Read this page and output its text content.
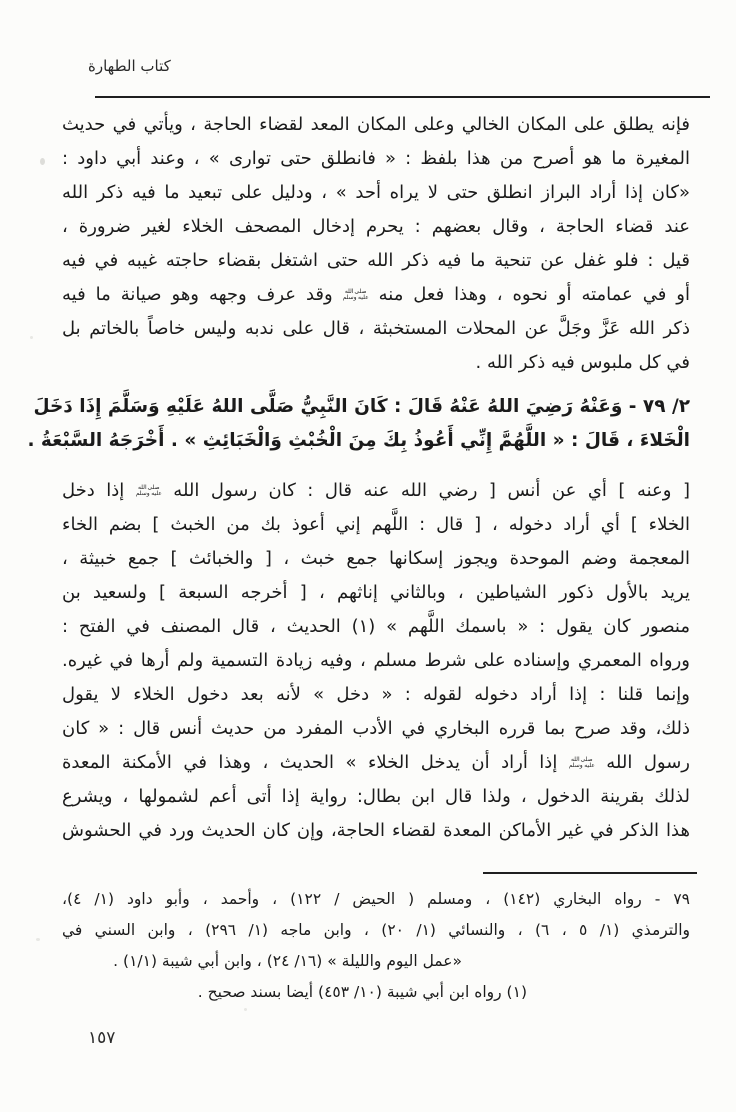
كتاب الطهارة
فإنه يطلق على المكان الخالي وعلى المكان المعد لقضاء الحاجة ، ويأتي في حديث
المغيرة ما هو أصرح من هذا بلفظ : « فانطلق حتى توارى » ، وعند أبي داود :
«كان إذا أراد البراز انطلق حتى لا يراه أحد » ، ودليل على تبعيد ما فيه ذكر الله
عند قضاء الحاجة ، وقال بعضهم : يحرم إدخال المصحف الخلاء لغير ضرورة ،
قيل : فلو غفل عن تنحية ما فيه ذكر الله حتى اشتغل بقضاء حاجته غيبه في فيه
أو في عمامته أو نحوه ، وهذا فعل منه صلى الله عليه وسلم وقد عرف وجهه وهو صيانة ما فيه
ذكر الله عَزَّ وجَلَّ عن المحلات المستخبثة ، قال على ندبه وليس خاصاً بالخاتم بل
في كل ملبوس فيه ذكر الله .
٢/ ٧٩ - وَعَنْهُ رَضِيَ اللهُ عَنْهُ قَالَ : كَانَ النَّبِيُّ صَلَّى اللهُ عَلَيْهِ وَسَلَّمَ إِذَا دَخَلَ
الْخَلاءَ ، قَالَ : « اللَّهُمَّ إِنِّي أَعُوذُ بِكَ مِنَ الْخُبْثِ وَالْخَبَائِثِ » . أَخْرَجَهُ السَّبْعَةُ .
[ وعنه ] أي عن أنس [ رضي الله عنه قال : كان رسول الله صلى الله عليه وسلم إذا دخل
الخلاء ] أي أراد دخوله ، [ قال : اللَّهم إني أعوذ بك من الخبث ] بضم الخاء
المعجمة وضم الموحدة ويجوز إسكانها جمع خبث ، [ والخبائث ] جمع خبيثة ،
يريد بالأول ذكور الشياطين ، وبالثاني إناثهم ، [ أخرجه السبعة ] ولسعيد بن
منصور كان يقول : « باسمك اللَّهم » (١) الحديث ، قال المصنف في الفتح :
ورواه المعمري وإسناده على شرط مسلم ، وفيه زيادة التسمية ولم أرها في غيره.
وإنما قلنا : إذا أراد دخوله لقوله : « دخل » لأنه بعد دخول الخلاء لا يقول
ذلك، وقد صرح بما قرره البخاري في الأدب المفرد من حديث أنس قال : « كان
رسول الله صلى الله عليه وسلم إذا أراد أن يدخل الخلاء » الحديث ، وهذا في الأمكنة المعدة
لذلك بقرينة الدخول ، ولذا قال ابن بطال: رواية إذا أتى أعم لشمولها ، ويشرع
هذا الذكر في غير الأماكن المعدة لقضاء الحاجة، وإن كان الحديث ورد في الحشوش
٧٩ - رواه البخاري (١٤٢) ، ومسلم ( الحيض / ١٢٢) ، وأحمد ، وأبو داود (١/ ٤)،
والترمذي (١/ ٥ ، ٦) ، والنسائي (١/ ٢٠) ، وابن ماجه (١/ ٢٩٦) ، وابن السني في
«عمل اليوم والليلة » (١٦/ ٢٤) ، وابن أبي شيبة (١/١) .
(١) رواه ابن أبي شيبة (١٠/ ٤٥٣) أيضا بسند صحيح .
١٥٧
